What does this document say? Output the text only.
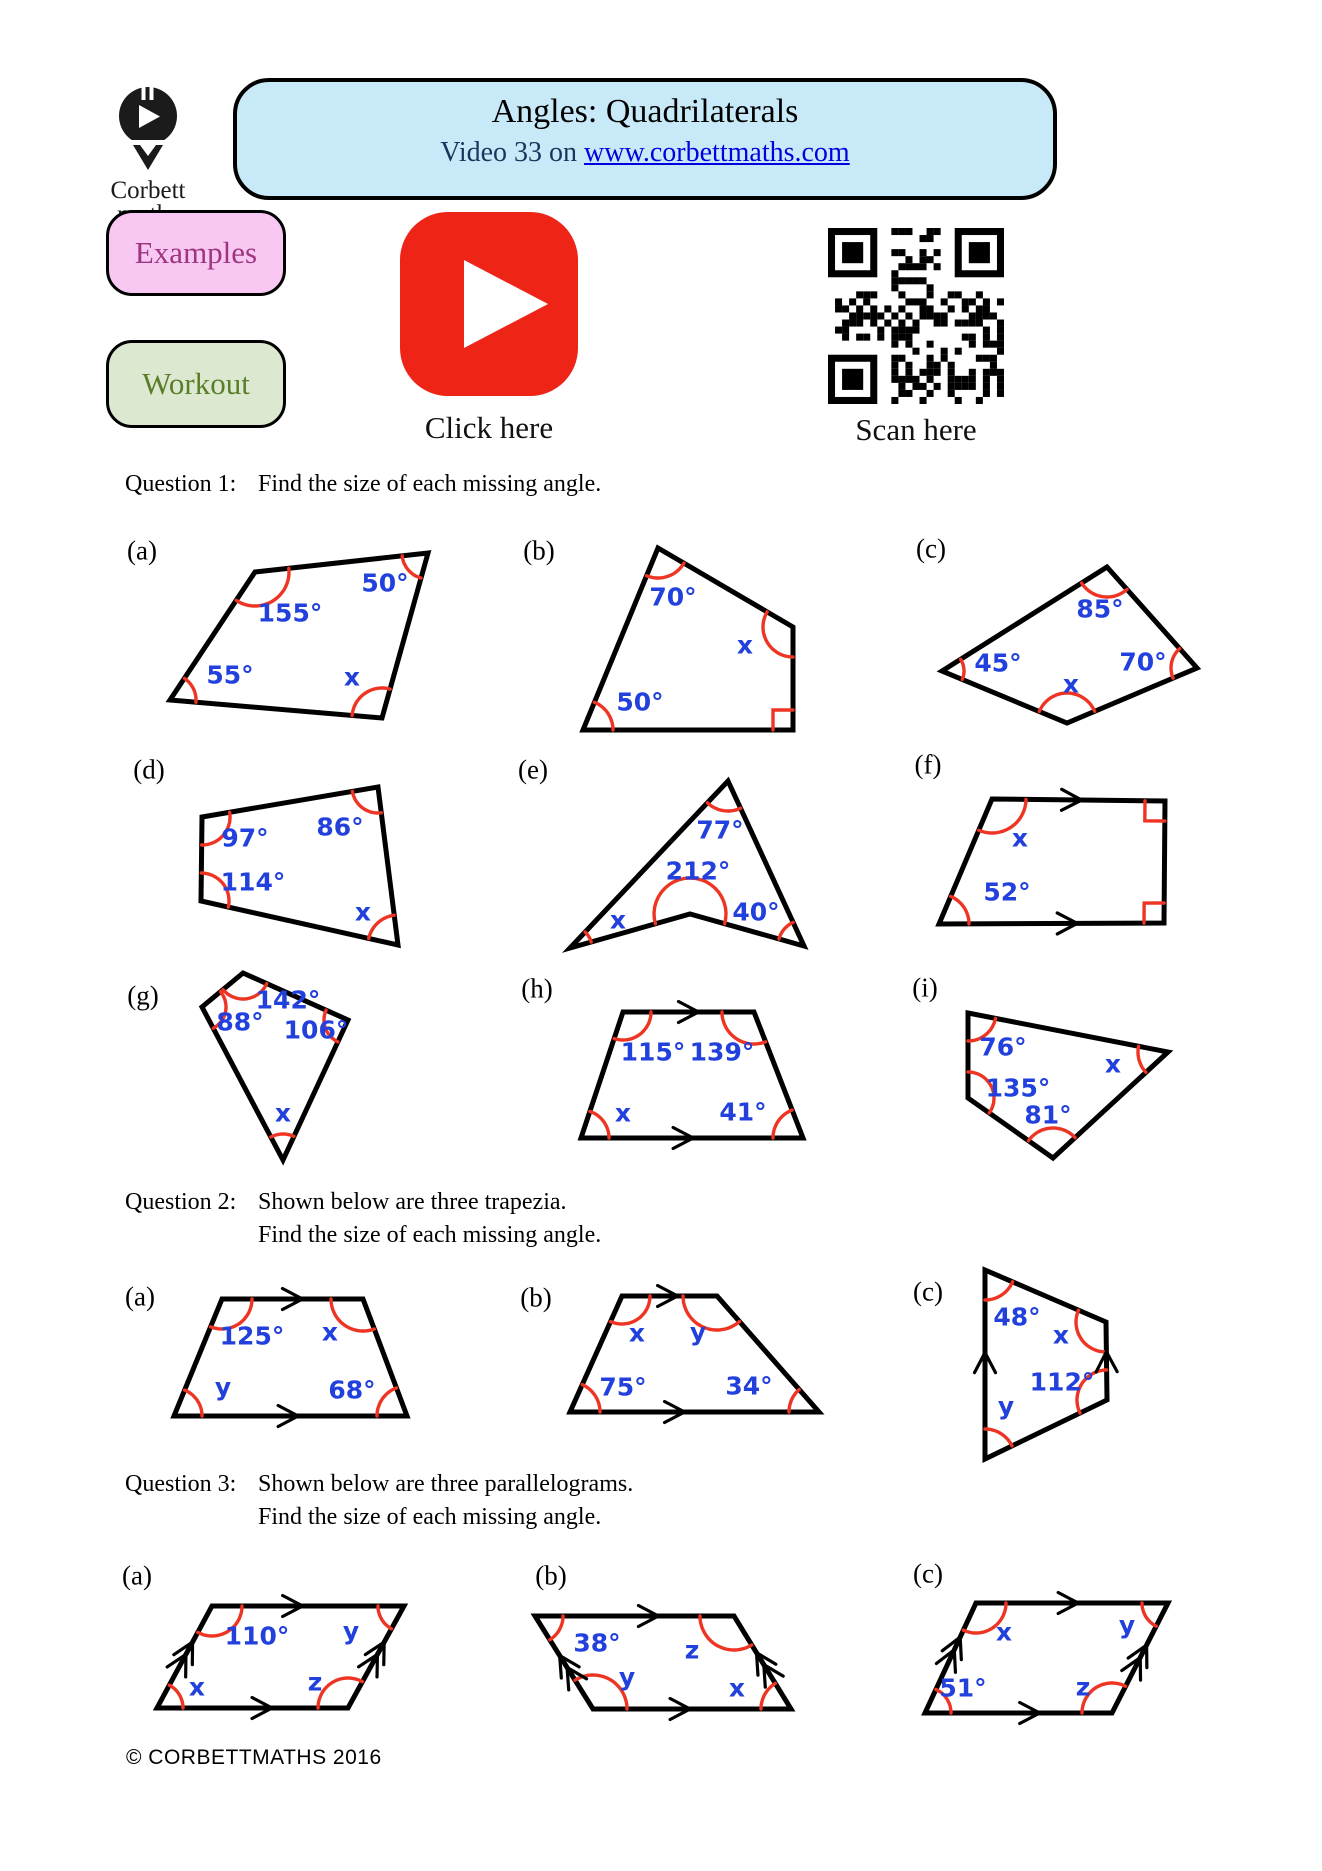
Corbett
Angles: Quadrilaterals
Video 33 on www.corbettmaths.com
Examples
Workout
Click here	Scan here
Question 1: Find the size of each missing angle.
Question 2: Shown below are three trapezia.
Find the size of each missing angle.
Question 3: Shown below are three parallelograms.
Find the size of each missing angle.
© CORBETTMATHS 2016
(a)
155°
50°
x
55°
(b)
70°
x
50°
(c)
85°
70°
x
45°
(d)
97° 86°
x
114°
(e)
77°
40°
212°
x
(f)
x
52°
(g)	142°
106°
x
88°
(h)
115° 139°
41°
x
(i)
76°
x
81°
135°
(a)
125° x
68°
y
(b)
x y
34°
75°
(c)
48°
x
112°
y
(a)
110° y
z
x
(b)
38°	z
x
y
(c)
x	y
z
51°
